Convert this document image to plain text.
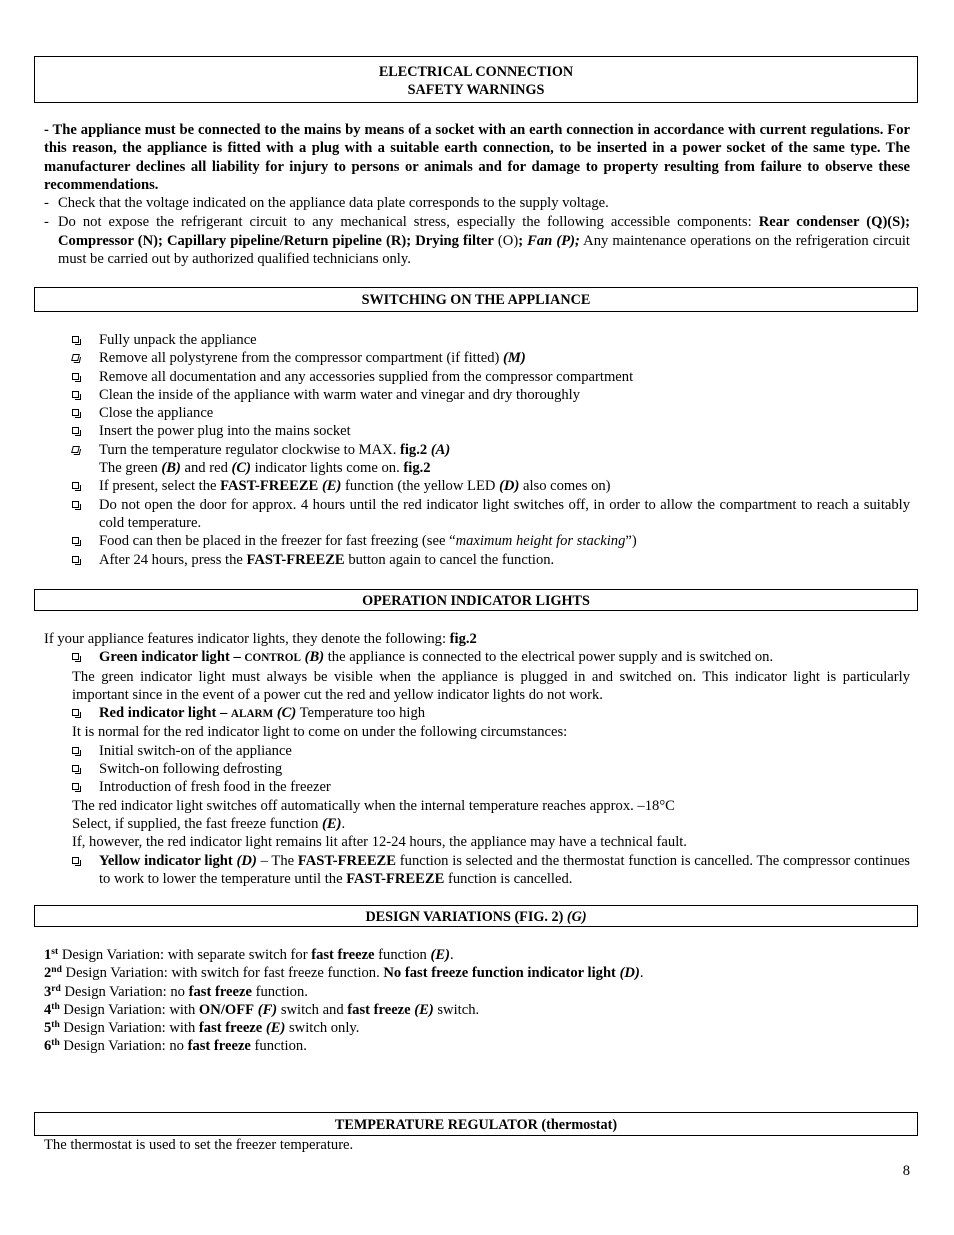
ELECTRICAL CONNECTION
SAFETY WARNINGS

- The appliance must be connected to the mains by means of a socket with an earth connection in accordance with current regulations. For this reason, the appliance is fitted with a plug with a suitable earth connection, to be inserted in a power socket of the same type. The manufacturer declines all liability for injury to persons or animals and for damage to property resulting from failure to observe these recommendations.

- Check that the voltage indicated on the appliance data plate corresponds to the supply voltage.

- Do not expose the refrigerant circuit to any mechanical stress, especially the following accessible components: Rear condenser (Q)(S); Compressor (N); Capillary pipeline/Return pipeline (R); Drying filter (O); Fan (P); Any maintenance operations on the refrigeration circuit must be carried out by authorized qualified technicians only.

SWITCHING ON THE APPLIANCE

Fully unpack the appliance

Remove all polystyrene from the compressor compartment (if fitted) (M)

Remove all documentation and any accessories supplied from the compressor compartment

Clean the inside of the appliance with warm water and vinegar and dry thoroughly

Close the appliance

Insert the power plug into the mains socket

Turn the temperature regulator clockwise to MAX. fig.2 (A)

The green (B) and red (C) indicator lights come on. fig.2

If present, select the FAST-FREEZE (E) function (the yellow LED (D) also comes on)

Do not open the door for approx. 4 hours until the red indicator light switches off, in order to allow the compartment to reach a suitably cold temperature.

Food can then be placed in the freezer for fast freezing (see “maximum height for stacking”)

After 24 hours, press the FAST-FREEZE button again to cancel the function.

OPERATION INDICATOR LIGHTS

If your appliance features indicator lights, they denote the following: fig.2

Green indicator light – CONTROL (B) the appliance is connected to the electrical power supply and is switched on.

The green indicator light must always be visible when the appliance is plugged in and switched on. This indicator light is particularly important since in the event of a power cut the red and yellow indicator lights do not work.

Red indicator light – ALARM (C) Temperature too high

It is normal for the red indicator light to come on under the following circumstances:

Initial switch-on of the appliance

Switch-on following defrosting

Introduction of fresh food in the freezer

The red indicator light switches off automatically when the internal temperature reaches approx. –18°C

Select, if supplied, the fast freeze function (E).

If, however, the red indicator light remains lit after 12-24 hours, the appliance may have a technical fault.

Yellow indicator light (D) – The FAST-FREEZE function is selected and the thermostat function is cancelled. The compressor continues to work to lower the temperature until the FAST-FREEZE function is cancelled.

DESIGN VARIATIONS (FIG. 2) (G)

1st Design Variation: with separate switch for fast freeze function (E).

2nd Design Variation: with switch for fast freeze function. No fast freeze function indicator light (D).

3rd Design Variation: no fast freeze function.

4th Design Variation: with ON/OFF (F) switch and fast freeze (E) switch.

5th Design Variation: with fast freeze (E) switch only.

6th Design Variation: no fast freeze function.

TEMPERATURE REGULATOR (thermostat)

The thermostat is used to set the freezer temperature.

8
